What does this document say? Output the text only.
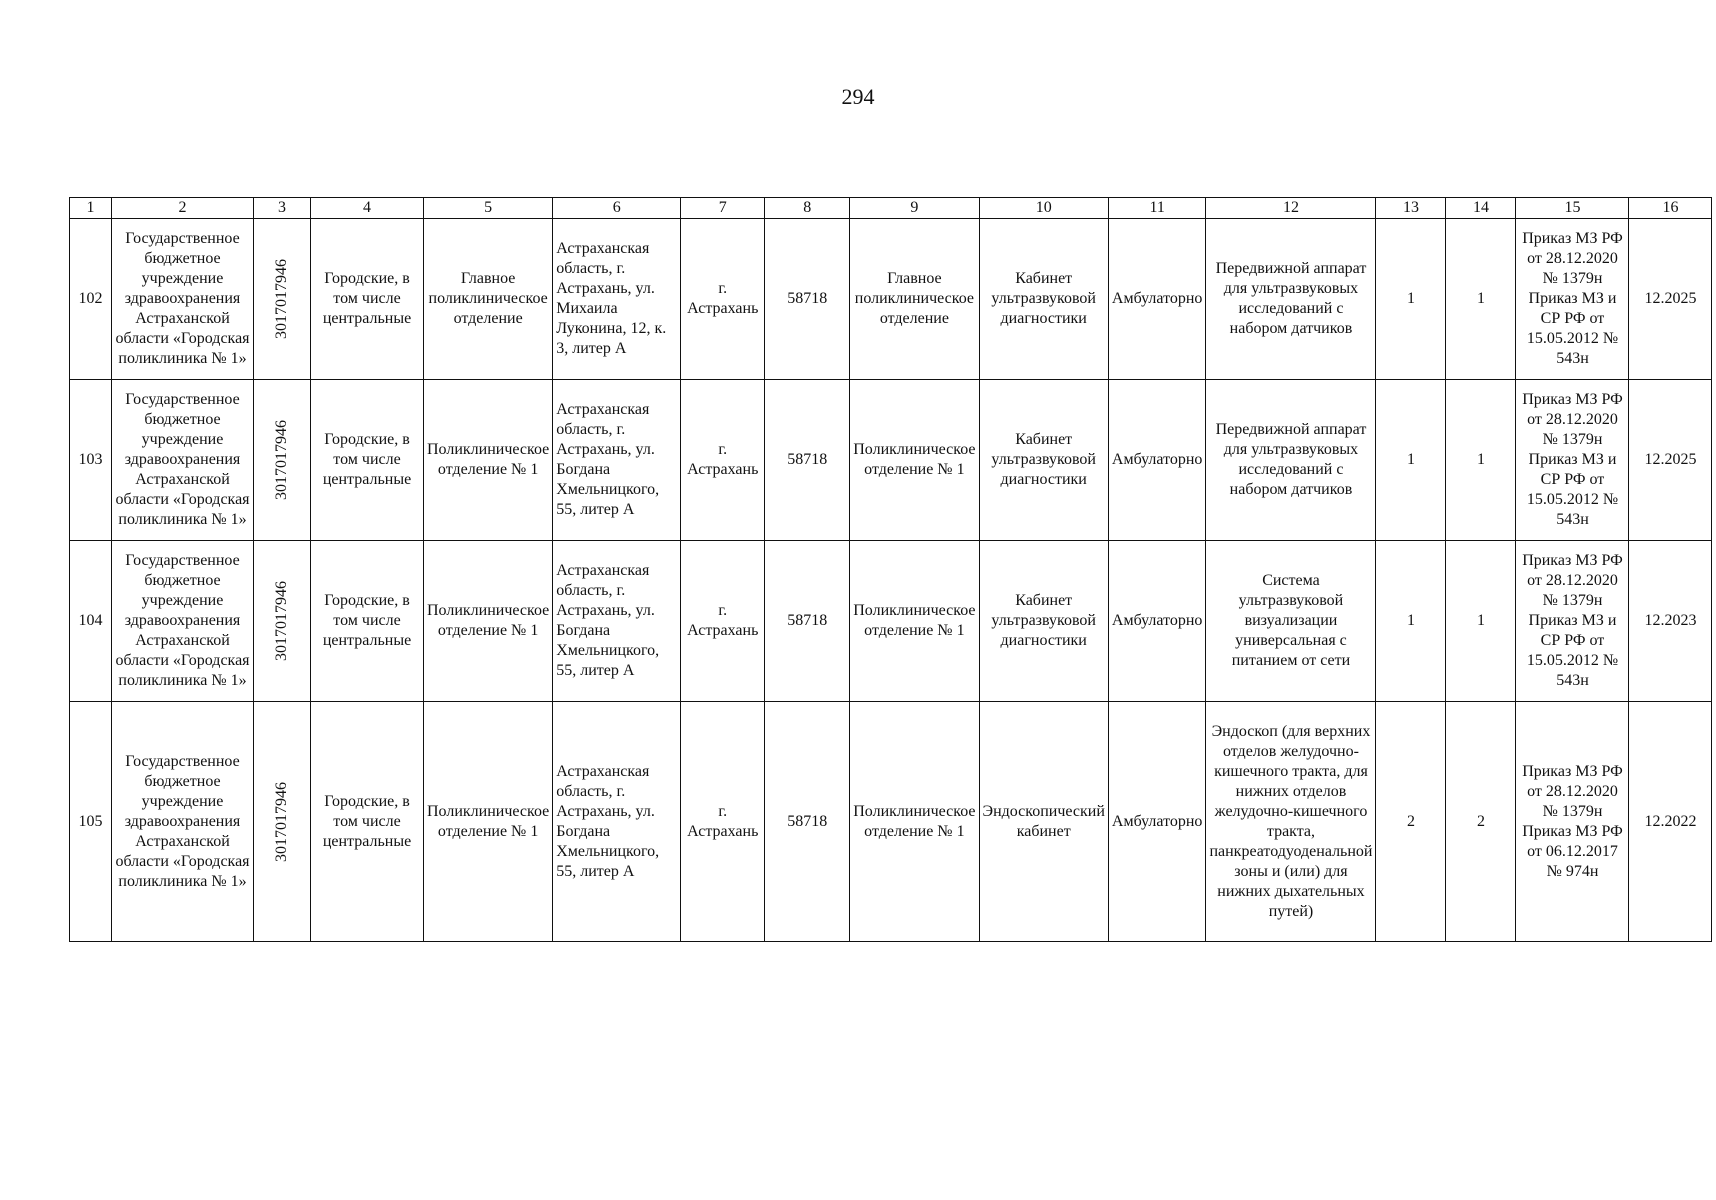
294
1	2	3	4	5	6	7	8	9	10	11	12	13	14	15	16
102	Государственное бюджетное учреждение здравоохранения Астраханской области «Городская поликлиника № 1»	3017017946	Городские, в том числе центральные	Главное поликлиническое отделение	Астраханская область, г. Астрахань, ул. Михаила Луконина, 12, к. 3, литер А	г. Астрахань	58718	Главное поликлиническое отделение	Кабинет ультразвуковой диагностики	Амбулаторно	Передвижной аппарат для ультразвуковых исследований с набором датчиков	1	1	Приказ МЗ РФ от 28.12.2020 № 1379н Приказ МЗ и СР РФ от 15.05.2012 № 543н	12.2025
103	Государственное бюджетное учреждение здравоохранения Астраханской области «Городская поликлиника № 1»	3017017946	Городские, в том числе центральные	Поликлиническое отделение № 1	Астраханская область, г. Астрахань, ул. Богдана Хмельницкого, 55, литер А	г. Астрахань	58718	Поликлиническое отделение № 1	Кабинет ультразвуковой диагностики	Амбулаторно	Передвижной аппарат для ультразвуковых исследований с набором датчиков	1	1	Приказ МЗ РФ от 28.12.2020 № 1379н Приказ МЗ и СР РФ от 15.05.2012 № 543н	12.2025
104	Государственное бюджетное учреждение здравоохранения Астраханской области «Городская поликлиника № 1»	3017017946	Городские, в том числе центральные	Поликлиническое отделение № 1	Астраханская область, г. Астрахань, ул. Богдана Хмельницкого, 55, литер А	г. Астрахань	58718	Поликлиническое отделение № 1	Кабинет ультразвуковой диагностики	Амбулаторно	Система ультразвуковой визуализации универсальная с питанием от сети	1	1	Приказ МЗ РФ от 28.12.2020 № 1379н Приказ МЗ и СР РФ от 15.05.2012 № 543н	12.2023
105	Государственное бюджетное учреждение здравоохранения Астраханской области «Городская поликлиника № 1»	3017017946	Городские, в том числе центральные	Поликлиническое отделение № 1	Астраханская область, г. Астрахань, ул. Богдана Хмельницкого, 55, литер А	г. Астрахань	58718	Поликлиническое отделение № 1	Эндоскопический кабинет	Амбулаторно	Эндоскоп (для верхних отделов желудочно-кишечного тракта, для нижних отделов желудочно-кишечного тракта, панкреатодуоденальной зоны и (или) для нижних дыхательных путей)	2	2	Приказ МЗ РФ от 28.12.2020 № 1379н Приказ МЗ РФ от 06.12.2017 № 974н	12.2022
